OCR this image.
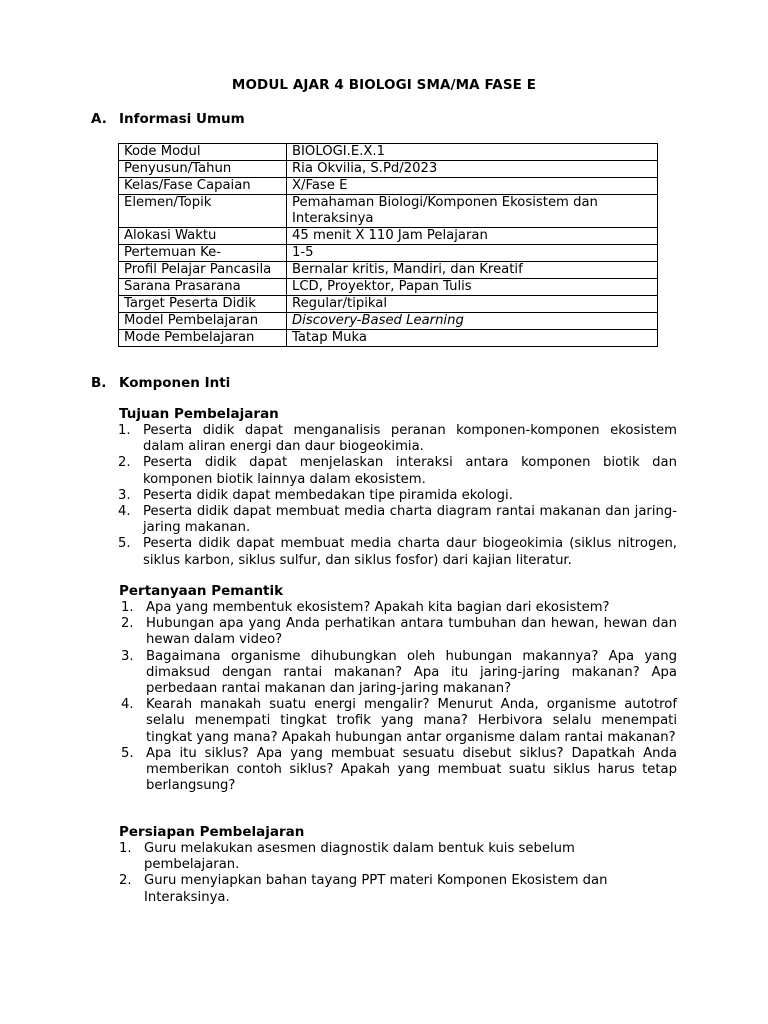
MODUL AJAR 4 BIOLOGI SMA/MA FASE E
A. Informasi Umum
Kode Modul	BIOLOGI.E.X.1
Penyusun/Tahun	Ria Okvilia, S.Pd/2023
Kelas/Fase Capaian	X/Fase E
Elemen/Topik	Pemahaman Biologi/Komponen Ekosistem dan Interaksinya
Alokasi Waktu	45 menit X 110 Jam Pelajaran
Pertemuan Ke-	1-5
Profil Pelajar Pancasila	Bernalar kritis, Mandiri, dan Kreatif
Sarana Prasarana	LCD, Proyektor, Papan Tulis
Target Peserta Didik	Regular/tipikal
Model Pembelajaran	Discovery-Based Learning
Mode Pembelajaran	Tatap Muka
B. Komponen Inti
Tujuan Pembelajaran
1. Peserta didik dapat menganalisis peranan komponen-komponen ekosistem dalam aliran energi dan daur biogeokimia.
2. Peserta didik dapat menjelaskan interaksi antara komponen biotik dan komponen biotik lainnya dalam ekosistem.
3. Peserta didik dapat membedakan tipe piramida ekologi.
4. Peserta didik dapat membuat media charta diagram rantai makanan dan jaring-jaring makanan.
5. Peserta didik dapat membuat media charta daur biogeokimia (siklus nitrogen, siklus karbon, siklus sulfur, dan siklus fosfor) dari kajian literatur.
Pertanyaan Pemantik
1. Apa yang membentuk ekosistem? Apakah kita bagian dari ekosistem?
2. Hubungan apa yang Anda perhatikan antara tumbuhan dan hewan, hewan dan hewan dalam video?
3. Bagaimana organisme dihubungkan oleh hubungan makannya? Apa yang dimaksud dengan rantai makanan? Apa itu jaring-jaring makanan? Apa perbedaan rantai makanan dan jaring-jaring makanan?
4. Kearah manakah suatu energi mengalir? Menurut Anda, organisme autotrof selalu menempati tingkat trofik yang mana? Herbivora selalu menempati tingkat yang mana? Apakah hubungan antar organisme dalam rantai makanan?
5. Apa itu siklus? Apa yang membuat sesuatu disebut siklus? Dapatkah Anda memberikan contoh siklus? Apakah yang membuat suatu siklus harus tetap berlangsung?
Persiapan Pembelajaran
1. Guru melakukan asesmen diagnostik dalam bentuk kuis sebelum pembelajaran.
2. Guru menyiapkan bahan tayang PPT materi Komponen Ekosistem dan Interaksinya.
